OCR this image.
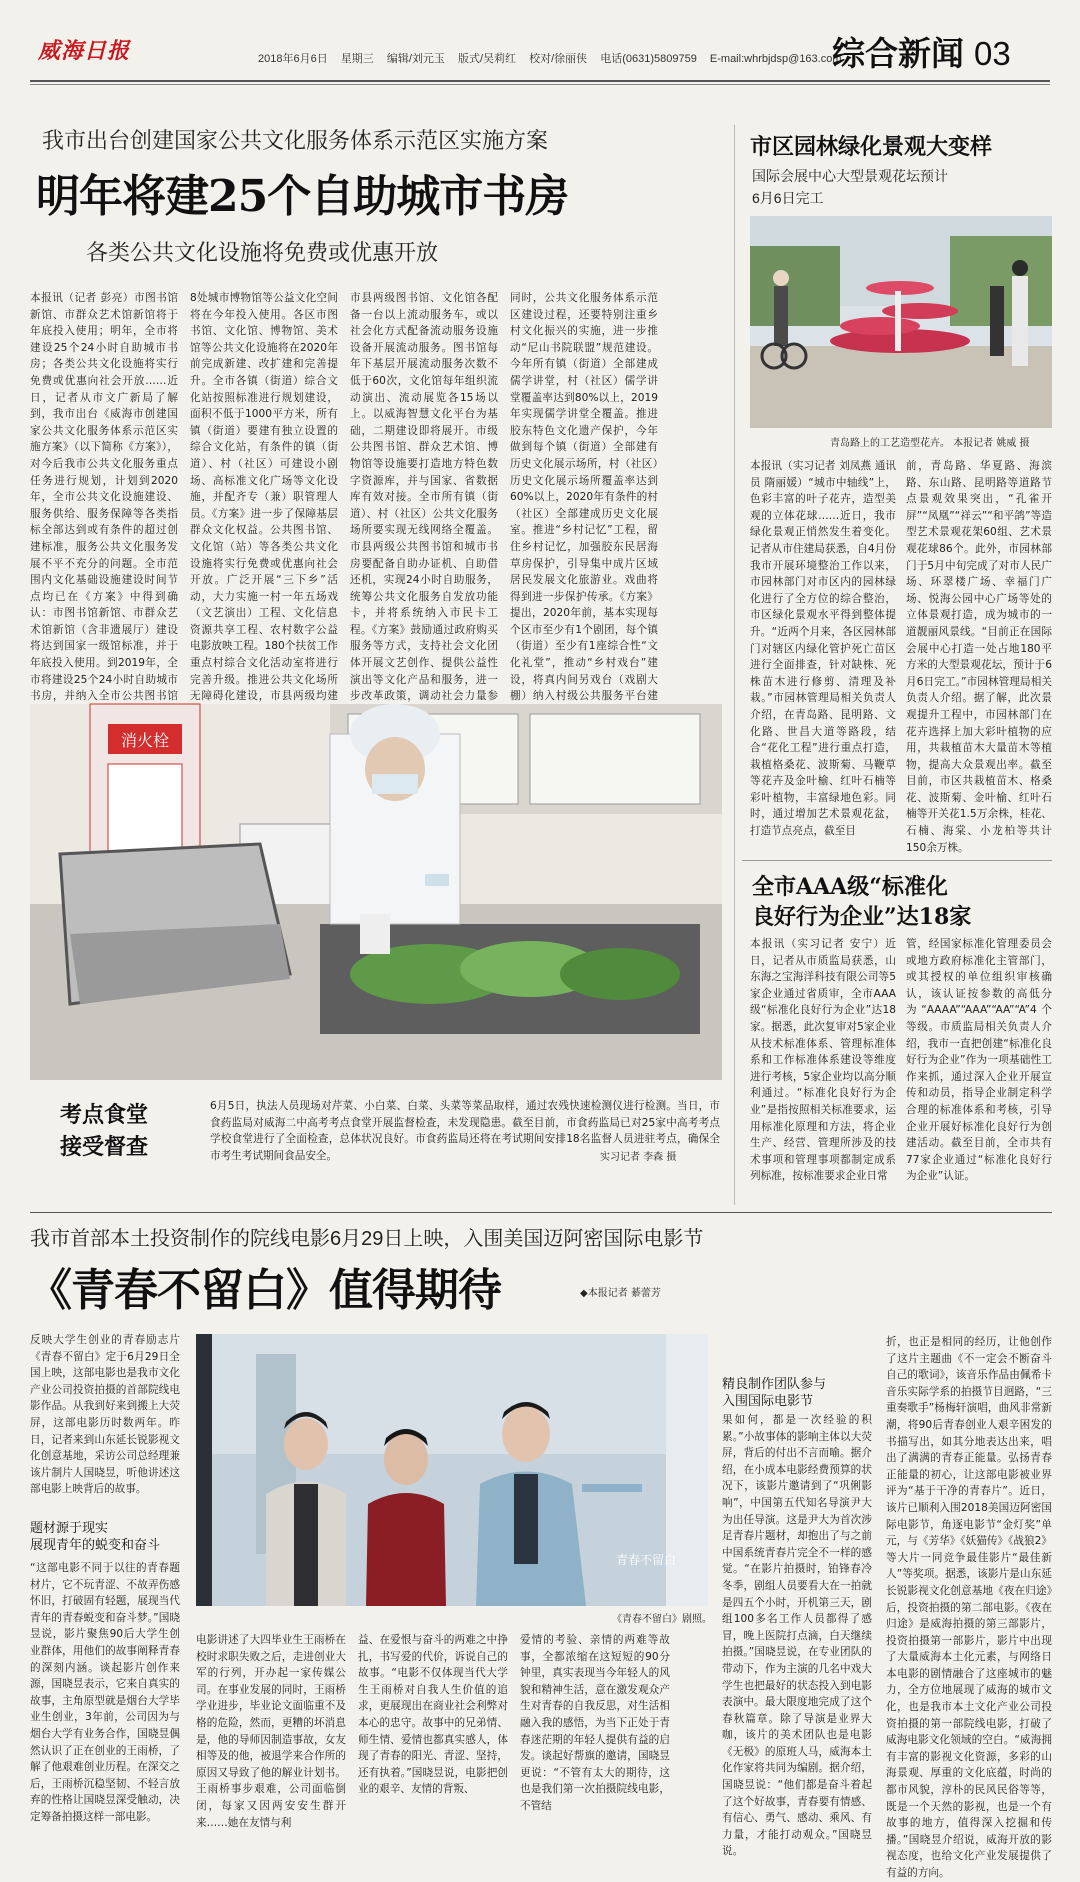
威海日报	2018年6月6日 星期三 编辑/刘元玉 版式/吴莉红 校对/徐丽侠 电话(0631)5809759 E-mail:whrbjdsp@163.com
综合新闻 03
我市出台创建国家公共文化服务体系示范区实施方案
明年将建25个自助城市书房
各类公共文化设施将免费或优惠开放
本报讯（记者 彭亮）市图书馆新馆、市群众艺术馆新馆将于年底投入使用；明年，全市将建设25个24小时自助城市书房；各类公共文化设施将实行免费或优惠向社会开放……近日，记者从市文广新局了解到，我市出台《威海市创建国家公共文化服务体系示范区实施方案》（以下简称《方案》），对今后我市公共文化服务重点任务进行规划，计划到2020年，全市公共文化设施建设、服务供给、服务保障等各类指标全部达到或有条件的超过创建标准，服务公共文化服务发展不平不充分的问题。全市范围内文化基础设施建设时间节点均已在《方案》中得到确认：市图书馆新馆、市群众艺术馆新馆（含非遗展厅）建设将达到国家一级馆标准，并于年底投入使用。到2019年，全市将建设25个24小时自助城市书房，并纳入全市公共图书馆
8处城市博物馆等公益文化空间将在今年投入使用。各区市图书馆、文化馆、博物馆、美术馆等公共文化设施将在2020年前完成新建、改扩建和完善提升。全市各镇（街道）综合文化站按照标准进行规划建设，面积不低于1000平方米，所有镇（街道）要建有独立设置的综合文化站，有条件的镇（街道）、村（社区）可建设小剧场、高标准文化广场等文化设施，并配齐专（兼）职管理人员。《方案》进一步了保障基层群众文化权益。公共图书馆、文化馆（站）等各类公共文化设施将实行免费或优惠向社会开放。广泛开展“三下乡”活动，大力实施一村一年五场戏（文艺演出）工程、文化信息资源共享工程、农村数字公益电影放映工程。180个扶贫工作重点村综合文化活动室将进行完善升级。推进公共文化场所无障碍化建设，市县两级均建
市县两级图书馆、文化馆各配备一台以上流动服务车，或以社会化方式配备流动服务设施设备开展流动服务。图书馆每年下基层开展流动服务次数不低于60次，文化馆每年组织流动演出、流动展览各15场以上。以威海智慧文化平台为基础，二期建设即将展开。市级公共图书馆、群众艺术馆、博物馆等设施要打造地方特色数字资源库，并与国家、省数据库有效对接。全市所有镇（街道）、村（社区）公共文化服务场所要实现无线网络全覆盖。市县两级公共图书馆和城市书房要配备自助办证机、自助借还机，实现24小时自助服务，统筹公共文化服务自发放功能卡，并将系统纳入市民卡工程。《方案》鼓励通过政府购买服务等方式，支持社会文化团体开展文艺创作、提供公益性演出等文化产品和服务，进一步改革政策，调动社会力量参
同时，公共文化服务体系示范区建设过程，还要特别注重乡村文化振兴的实施，进一步推动“尼山书院联盟”规范建设。今年所有镇（街道）全部建成儒学讲堂，村（社区）儒学讲堂覆盖率达到80%以上，2019年实现儒学讲堂全覆盖。推进胶东特色文化遗产保护，今年做到每个镇（街道）全部建有历史文化展示场所，村（社区）历史文化展示场所覆盖率达到60%以上，2020年有条件的村（社区）全部建成历史文化展室。推进“乡村记忆”工程，留住乡村记忆，加强胶东民居海草房保护，引导集中成片区域居民发展文化旅游业。戏曲将得到进一步保护传承。《方案》提出，2020年前，基本实现每个区市至少有1个剧团，每个镇（街道）至少有1座综合性“文化礼堂”，推动“乡村戏台”建设，将真内间另戏台（戏剧大棚）纳入村级公共服务平台建
市区园林绿化景观大变样
国际会展中心大型景观花坛预计
6月6日完工
青岛路上的工艺造型花卉。 本报记者 姚威 摄
本报讯（实习记者 刘凤燕 通讯员 隋丽媛）“城市中轴线”上，色彩丰富的叶子花卉，造型美观的立体花球……近日，我市绿化景观正悄然发生着变化。记者从市住建局获悉，自4月份我市开展环境整治工作以来，市园林部门对市区内的园林绿化进行了全方位的综合整治，市区绿化景观水平得到整体提升。“近两个月来，各区园林部门对辖区内绿化管护死亡苗区进行全面排查，针对缺株、死株苗木进行修剪、清理及补栽。”市园林管理局相关负责人介绍，在青岛路、昆明路、文化路、世昌大道等路段，结合“花化工程”进行重点打造，栽植格桑花、波斯菊、马鞭草等花卉及金叶榆、红叶石楠等彩叶植物，丰富绿地色彩。同时，通过增加艺术景观花盆，打造节点亮点，截至目
前，青岛路、华夏路、海滨路、东山路、昆明路等道路节点景观效果突出，“孔雀开屏”“凤凰”“祥云”“和平鸽”等造型艺术景观花架60组、艺术景观花球86个。此外，市园林部门于5月中旬完成了对市人民广场、环翠楼广场、幸福门广场、悦海公园中心广场等处的立体景观打造，成为城市的一道靓丽风景线。“目前正在国际会展中心打造一处占地180平方米的大型景观花坛，预计于6月6日完工。”市园林管理局相关负责人介绍。据了解，此次景观提升工程中，市园林部门在花卉选择上加大彩叶植物的应用，共栽植苗木大量苗木等植物，提高大众景观出率。截至目前，市区共栽植苗木、格桑花、波斯菊、金叶榆、红叶石楠等开关花1.5万余株，桂花、石楠、海棠、小龙柏等共计150余万株。
全市AAA级“标准化
良好行为企业”达18家
本报讯（实习记者 安宁）近日，记者从市质监局获悉，山东海之宝海洋科技有限公司等5家企业通过省质审，全市AAA级“标准化良好行为企业”达18家。据悉，此次复审对5家企业从技术标准体系、管理标准体系和工作标准体系建设等维度进行考核，5家企业均以高分顺利通过。“标准化良好行为企业”是指按照相关标准要求，运用标准化原理和方法，将企业生产、经营、管理所涉及的技术事项和管理事项都制定成系列标准，按标准要求企业日常
管，经国家标准化管理委员会或地方政府标准化主管部门，或其授权的单位组织审核确认，该认证按参数的高低分为“AAAA”“AAA”“AA”“A”4个等级。市质监局相关负责人介绍，我市一直把创建“标准化良好行为企业”作为一项基础性工作来抓，通过深入企业开展宣传和动员，指导企业制定科学合理的标准体系和考核，引导企业开展好标准化良好行为创建活动。截至目前，全市共有77家企业通过“标准化良好行为企业”认证。
消火栓
考点食堂
接受督查
6月5日，执法人员现场对芹菜、小白菜、白菜、头菜等菜品取样，通过农残快速检测仪进行检测。当日，市食药监局对威海二中高考考点食堂开展监督检查，未发现隐患。截至目前，市食药监局已对25家中高考考点学校食堂进行了全面检查，总体状况良好。市食药监局还将在考试期间安排18名监督人员进驻考点，确保全市考生考试期间食品安全。	实习记者 李森 摄
我市首部本土投资制作的院线电影6月29日上映，入围美国迈阿密国际电影节
《青春不留白》值得期待	◆本报记者 綦蕾芳
反映大学生创业的青春励志片《青春不留白》定于6月29日全国上映，这部电影也是我市文化产业公司投资拍摄的首部院线电影作品。从我到好来到搬上大荧屏，这部电影历时数两年。昨日，记者来到山东延长锐影视文化创意基地，采访公司总经理兼该片制片人国晓昱，听他讲述这部电影上映背后的故事。
题材源于现实
展现青年的蜕变和奋斗
“这部电影不同于以往的青春题材片，它不玩青涩、不故弄伤感怀旧，打破固有轻题，展现当代青年的青春蜕变和奋斗梦。”国晓昱说，影片聚焦90后大学生创业群体，用他们的故事阐释青春的深刻内涵。谈起影片创作来源，国晓昱表示，它来自真实的故事，主角原型就是烟台大学毕业生创业，3年前，公司因为与烟台大学有业务合作，国晓昱偶然认识了正在创业的王雨桥，了解了他艰难创业历程。在深交之后，王雨桥沉稳坚韧、不轻言放弃的性格让国晓昱深受触动，决定筹备拍摄这样一部电影。
青春不留白
《青春不留白》剧照。
电影讲述了大四毕业生王雨桥在校时求职失败之后，走进创业大军的行列，开办起一家传媒公司。在事业发展的同时，王雨桥学业进步，毕业论文面临重不及格的危险，然而，更糟的坏消息是，他的导师因制造事故，女友相等及的他，被退学来合作所的原因又导致了他的解业计划书。王雨桥事步艰难，公司面临倒闭，每家又因两安安生群开来……她在友情与利
益、在爱恨与奋斗的两难之中挣扎，书写爱的代价，诉说自己的故事。“电影不仅体现当代大学生王雨桥对自我人生价值的追求，更展现出在商业社会利弊对本心的忠守。故事中的兄弟情、师生情、爱情也都真实感人，体现了青春的阳光、青涩、坚持，还有执着。”国晓昱说，电影把创业的艰辛、友情的背叛、
爱情的考验、亲情的两难等故事，全都浓缩在这短短的90分钟里，真实表现当今年轻人的风貌和精神生活，意在激发观众产生对青春的自我反思，对生活相融入我的感悟，为当下正处于青春迷茫期的年轻人提供有益的启发。谈起好帮旗的邀请，国晓昱更说：“不管有太大的期待，这也是我们第一次拍摄院线电影，不管结
精良制作团队参与
入围国际电影节
果如何，都是一次经验的积累。”小故事体的影响主体以大荧屏，背后的付出不言而喻。据介绍，在小成本电影经费预算的状况下，该影片邀请到了“巩俐影响”，中国第五代知名导演尹大为出任导演。这是尹大为首次涉足青春片题材，却抱出了与之前中国系统青春片完全不一样的感觉。“在影片拍摄时，铂锋春冷冬季，剧组人员要看大在一拍就是四五个小时，开机第三天，剧组100多名工作人员都得了感冒，晚上医院打点滴，白天继续拍摄。”国晓昱说，在专业团队的带动下，作为主演的几名中戏大学生也把最好的状态投入到电影表演中。最大限度地完成了这个春秋篇章。除了导演是业界大咖，该片的美术团队也是电影《无极》的原班人马，威海本土化作家将共同为编剧。据介绍，国晓昱说：“他们都是奋斗着起了这个好故事，青春要有情感、有信心、勇气、感动、乘风、有力量，才能打动观众。”国晓昱说。
折，也正是相同的经历，让他创作了这片主题曲《不一定会不断奋斗自己的歌词》，该音乐作品由佩希卡音乐实际学系的拍摄节目迥路，“三重奏歌手”杨梅轩演唱，曲风非常新潮，将90后青春创业人艰辛困发的书描写出，如其分地表达出来，唱出了满满的青春正能量。弘扬青春正能量的初心，让这部电影被业界评为“基于干净的青春片”。近日，该片已顺利入围2018美国迈阿密国际电影节，角逐电影节“金灯奖”单元，与《芳华》《妖猫传》《战狼2》等大片一同竞争最佳影片“最佳新人”等奖项。据悉，该影片是山东延长锐影视文化创意基地《夜在归途》后，投资拍摄的第二部电影。《夜在归途》是威海拍摄的第三部影片，投资拍摄第一部影片，影片中出现了大量威海本土化元素，与网络日本电影的剧情融合了这座城市的魅力，全方位地展现了威海的城市文化，也是我市本土文化产业公司投资拍摄的第一部院线电影，打破了威海电影文化领域的空白。“威海拥有丰富的影视文化资源，多彩的山海景观、厚重的文化底蕴，时尚的都市风貌，淳朴的民风民俗等等，既是一个天然的影视，也是一个有故事的地方，值得深入挖掘和传播。”国晓昱介绍说，威海开放的影视态度，也给文化产业发展提供了有益的方向。
